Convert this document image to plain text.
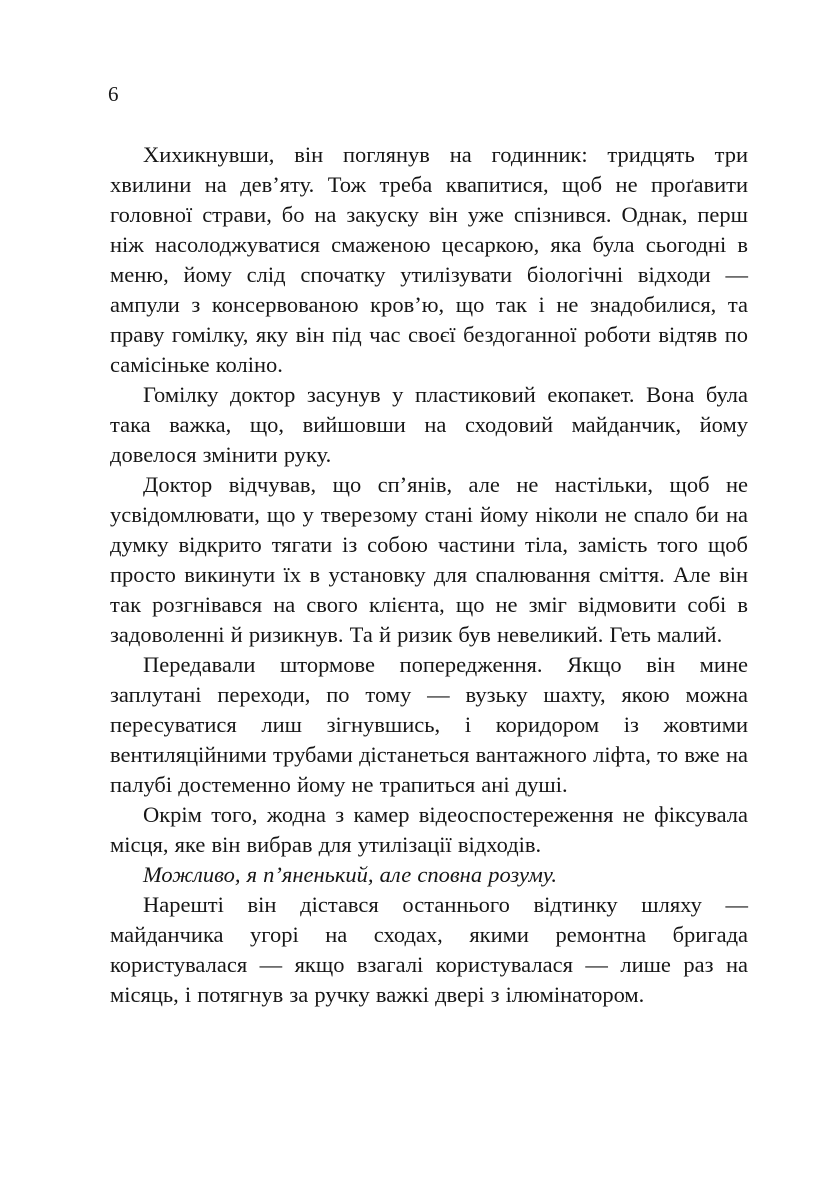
6

Хихикнувши, він поглянув на годинник: тридцять три хвилини на дев’яту. Тож треба квапитися, щоб не проґавити головної страви, бо на закуску він уже спізнився. Однак, перш ніж насолоджуватися смаженою цесаркою, яка була сьогодні в меню, йому слід спочатку утилізувати біологічні відходи — ампули з консервованою кров’ю, що так і не знадобилися, та праву гомілку, яку він під час своєї бездоганної роботи відтяв по самісіньке коліно.

Гомілку доктор засунув у пластиковий екопакет. Вона була така важка, що, вийшовши на сходовий майданчик, йому довелося змінити руку.

Доктор відчував, що сп’янів, але не настільки, щоб не усвідомлювати, що у тверезому стані йому ніколи не спало би на думку відкрито тягати із собою частини тіла, замість того щоб просто викинути їх в установку для спалювання сміття. Але він так розгнівався на свого клієнта, що не зміг відмовити собі в задоволенні й ризикнув. Та й ризик був невеликий. Геть малий.

Передавали штормове попередження. Якщо він мине заплутані переходи, по тому — вузьку шахту, якою можна пересуватися лиш зігнувшись, і коридором із жовтими вентиляційними трубами дістанеться вантажного ліфта, то вже на палубі достеменно йому не трапиться ані душі.

Окрім того, жодна з камер відеоспостереження не фіксувала місця, яке він вибрав для утилізації відходів.

Можливо, я п’яненький, але сповна розуму.

Нарешті він дістався останнього відтинку шляху — майданчика угорі на сходах, якими ремонтна бригада користувалася — якщо взагалі користувалася — лише раз на місяць, і потягнув за ручку важкі двері з ілюмінатором.
